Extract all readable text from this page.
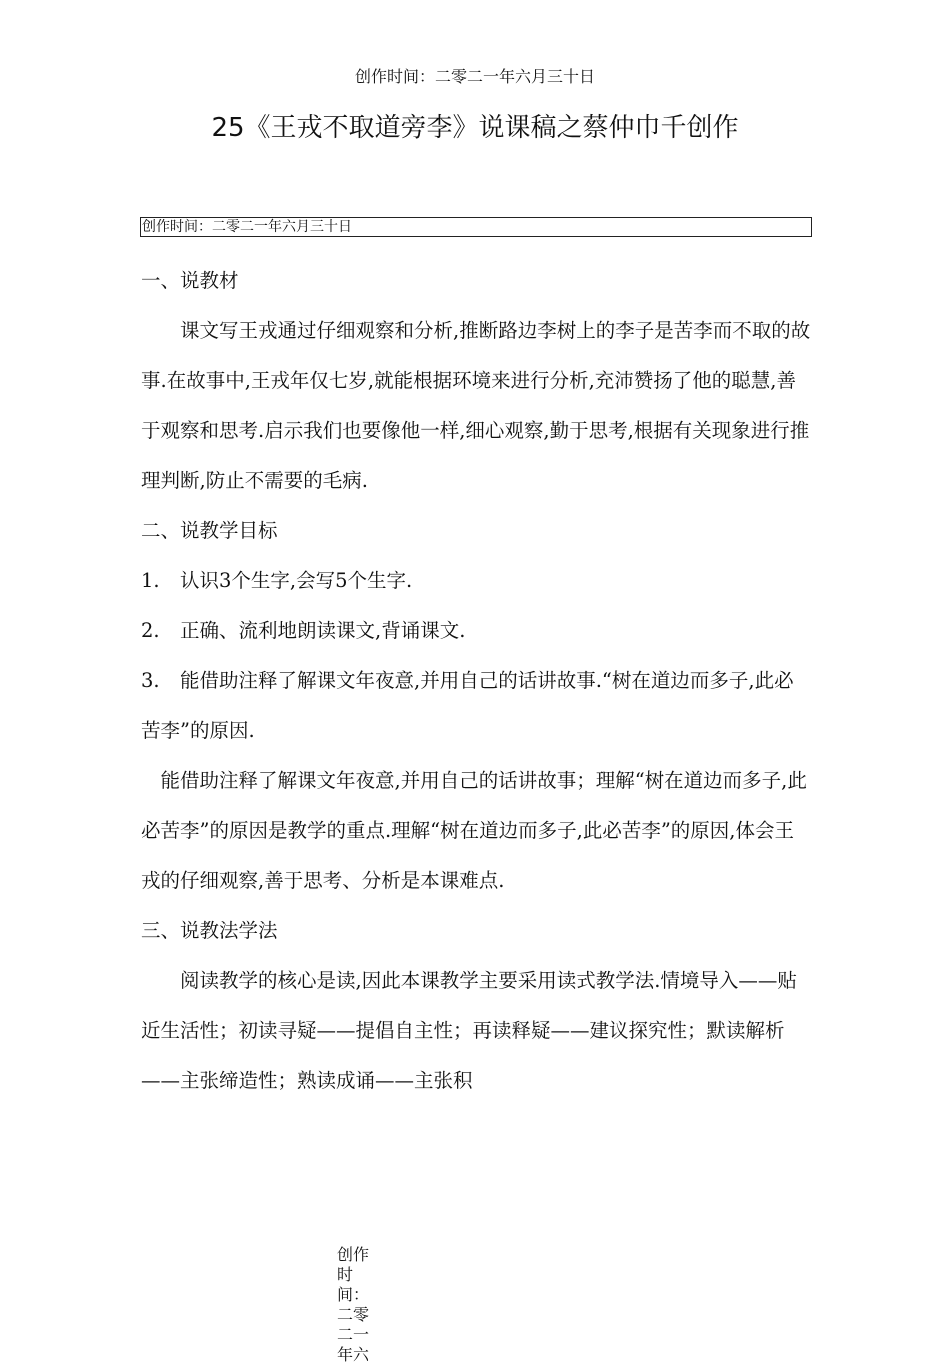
创作时间：二零二一年六月三十日
25《王戎不取道旁李》说课稿之蔡仲巾千创作
创作时间：二零二一年六月三十日

一、说教材

课文写王戎通过仔细观察和分析,推断路边李树上的李子是苦李而不取的故事.在故事中,王戎年仅七岁,就能根据环境来进行分析,充沛赞扬了他的聪慧,善于观察和思考.启示我们也要像他一样,细心观察,勤于思考,根据有关现象进行推理判断,防止不需要的毛病.

二、说教学目标

1. 认识3个生字,会写5个生字.

2. 正确、流利地朗读课文,背诵课文.

3. 能借助注释了解课文年夜意,并用自己的话讲故事.“树在道边而多子,此必苦李”的原因.

能借助注释了解课文年夜意,并用自己的话讲故事；理解“树在道边而多子,此必苦李”的原因是教学的重点.理解“树在道边而多子,此必苦李”的原因,体会王戎的仔细观察,善于思考、分析是本课难点.

三、说教法学法

阅读教学的核心是读,因此本课教学主要采用读式教学法.情境导入——贴近生活性；初读寻疑——提倡自主性；再读释疑——建议探究性；默读解析——主张缔造性；熟读成诵——主张积

创作时间：二零二一年六
